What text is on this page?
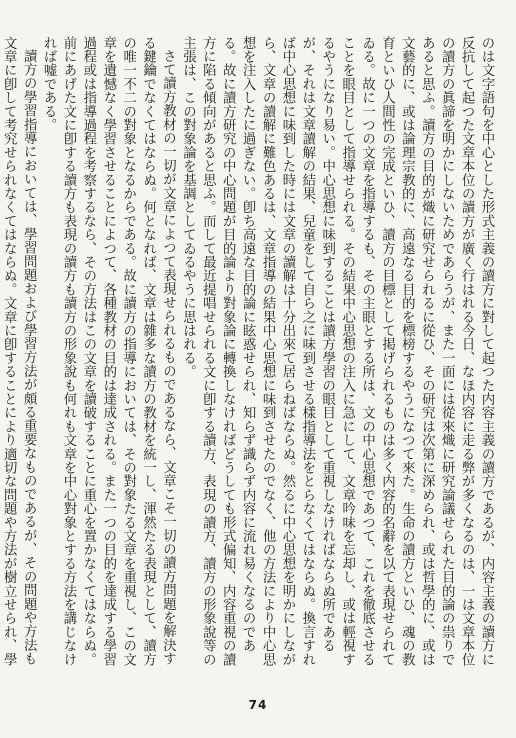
のは文字語句を中心とした形式主義の讀方に對して起つた内容主義の讀方であるが、内容主義の讀方に反抗して起つた文章本位の讀方が廣く行はれる今日、なほ内容に走る弊が多くなるのは、一は文章本位の讀方の眞諦を明かにしないためであらうが、また一面には從來熾に研究論議せられた目的論の祟りであると思ふ。讀方の目的が熾に研究せられるに從ひ、その研究は次第に深められ、或は哲學的に、或は文藝的に、或は論理宗教的に、高遠なる目的を標榜するやうになつて來た。生命の讀方といひ、魂の教育といひ人間性の完成といひ、讀方の目標として掲げられるものは多く内容的名辭を以て表現せられてゐる。故に一つの文章を指導するも、その主眼とする所は、文の中心思想であつて、これを徹底させることを眼目として指導せられる。その結果中心思想の注入に急にして、文章吟味を忘却し、或は輕視するやうになり易い。中心思想に味到することは讀方學習の眼目として重視しなければならぬ所であるが、それは文章讀解の結果、兒童をして自ら之に味到させる樣指導法をとらなくてはならぬ。換言すれば中心思想に味到した時には文章の讀解は十分出來て居らねばならぬ。然るに中心思想を明かにしながら、文章の讀解に難色あるは、文章指導の結果中心思想に味到させたのでなく、他の方法により中心思想を注入したに過ぎない。卽ち高遠な目的論に眩惑せられ、知らず識らず内容に流れ易くなるのである。故に讀方研究の中心問題が目的論より對象論に轉換しなければどうしても形式偏知、内容重視の讀方に陷る傾向があると思ふ。而して最近提唱せられる文に卽する讀方、表現の讀方、讀方の形象說等の主張は、この對象論を基調としてゐるやうに思はれる。

さて讀方教材の一切が文章によつて表現せられるものであるなら、文章こそ一切の讀方問題を解決する鍵鑰でなくてはならぬ。何となれば、文章は雜多な讀方の教材を統一し、渾然たる表現として、讀方の唯一不二の對象となるからである。故に讀方の指導においては、その對象たる文章を重視し、この文章を遺憾なく學習させることによつて、各種教材の目的は達成される。また一つの目的を達成する學習過程或は指導過程を考察するなら、その方法はこの文章を讀破することに重心を置かなくてはならぬ。前にあげた文に卽する讀方も表現の讀方も讀方の形象說も何れも文章を中心對象とする方法を講じなければ嘘である。

讀方の學習指導においては、學習問題および學習方法が頗る重要なものであるが、その問題や方法も文章に卽して考究せられなくてはならぬ。文章に卽することにより適切な問題や方法が樹立せられ、學

74
